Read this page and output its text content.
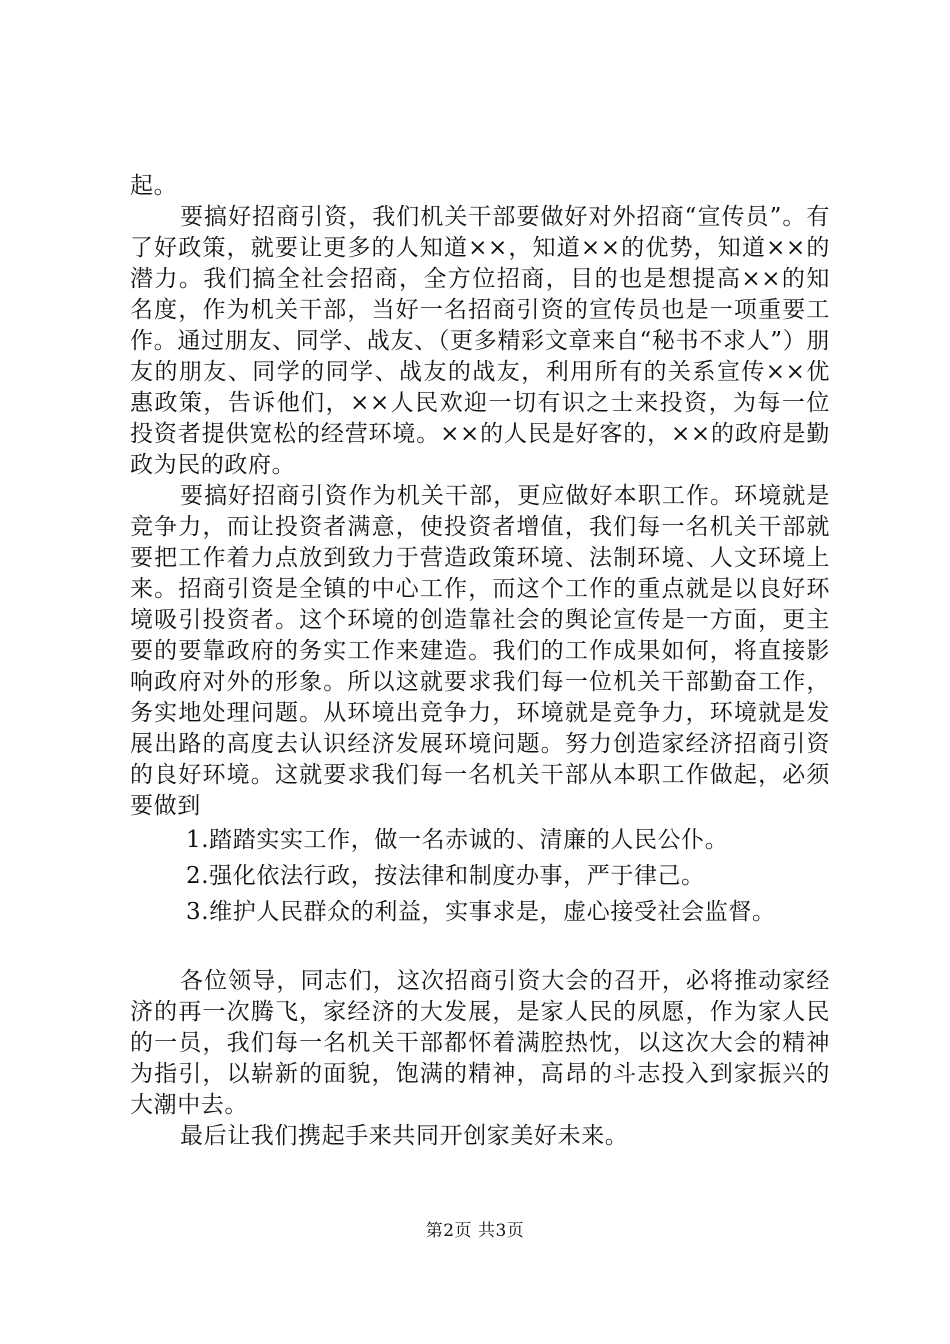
起。

要搞好招商引资，我们机关干部要做好对外招商“宣传员”。有了好政策，就要让更多的人知道××，知道××的优势，知道××的潜力。我们搞全社会招商，全方位招商，目的也是想提高××的知名度，作为机关干部，当好一名招商引资的宣传员也是一项重要工作。通过朋友、同学、战友、（更多精彩文章来自“秘书不求人”）朋友的朋友、同学的同学、战友的战友，利用所有的关系宣传××优惠政策，告诉他们，××人民欢迎一切有识之士来投资，为每一位投资者提供宽松的经营环境。××的人民是好客的，××的政府是勤政为民的政府。

要搞好招商引资作为机关干部，更应做好本职工作。环境就是竞争力，而让投资者满意，使投资者增值，我们每一名机关干部就要把工作着力点放到致力于营造政策环境、法制环境、人文环境上来。招商引资是全镇的中心工作，而这个工作的重点就是以良好环境吸引投资者。这个环境的创造靠社会的舆论宣传是一方面，更主要的要靠政府的务实工作来建造。我们的工作成果如何，将直接影响政府对外的形象。所以这就要求我们每一位机关干部勤奋工作，务实地处理问题。从环境出竞争力，环境就是竞争力，环境就是发展出路的高度去认识经济发展环境问题。努力创造家经济招商引资的良好环境。这就要求我们每一名机关干部从本职工作做起，必须要做到

1.踏踏实实工作，做一名赤诚的、清廉的人民公仆。

2.强化依法行政，按法律和制度办事，严于律己。

3.维护人民群众的利益，实事求是，虚心接受社会监督。

各位领导，同志们，这次招商引资大会的召开，必将推动家经济的再一次腾飞，家经济的大发展，是家人民的夙愿，作为家人民的一员，我们每一名机关干部都怀着满腔热忱，以这次大会的精神为指引，以崭新的面貌，饱满的精神，高昂的斗志投入到家振兴的大潮中去。

最后让我们携起手来共同开创家美好未来。

第2页 共3页
